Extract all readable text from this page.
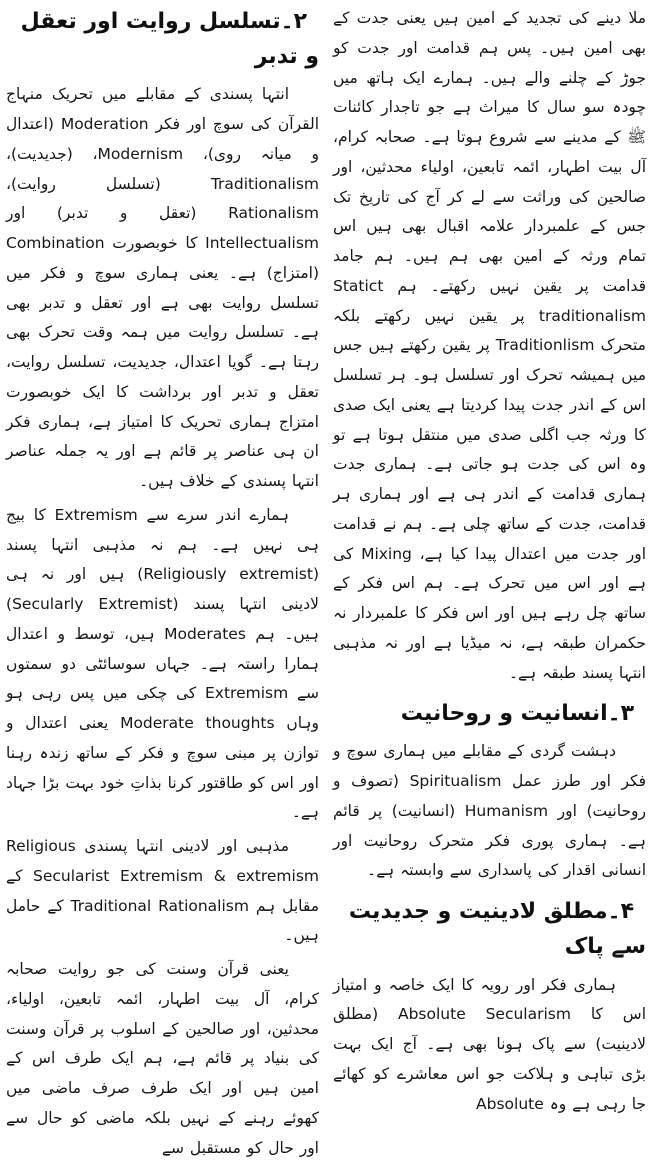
ملا دینے کی تجدید کے امین ہیں یعنی جدت کے بھی امین ہیں۔ پس ہم قدامت اور جدت کو جوڑ کے چلنے والے ہیں۔ ہمارے ایک ہاتھ میں چودہ سو سال کا میراث ہے جو تاجدار کائنات ﷺ کے مدینے سے شروع ہوتا ہے۔ صحابہ کرام، آل بیت اطہار، ائمہ تابعین، اولیاء محدثین، اور صالحین کی وراثت سے لے کر آج کی تاریخ تک جس کے علمبردار علامہ اقبال بھی ہیں اس تمام ورثہ کے امین بھی ہم ہیں۔ ہم جامد قدامت پر یقین نہیں رکھتے۔ ہم Statict traditionalism پر یقین نہیں رکھتے بلکہ متحرک Traditionlism پر یقین رکھتے ہیں جس میں ہمیشہ تحرک اور تسلسل ہو۔ ہر تسلسل اس کے اندر جدت پیدا کردیتا ہے یعنی ایک صدی کا ورثہ جب اگلی صدی میں منتقل ہوتا ہے تو وہ اس کی جدت ہو جاتی ہے۔ ہماری جدت ہماری قدامت کے اندر ہی ہے اور ہماری ہر قدامت، جدت کے ساتھ چلی ہے۔ ہم نے قدامت اور جدت میں اعتدال پیدا کیا ہے، Mixing کی ہے اور اس میں تحرک ہے۔ ہم اس فکر کے ساتھ چل رہے ہیں اور اس فکر کا علمبردار نہ حکمران طبقہ ہے، نہ میڈیا ہے اور نہ مذہبی انتہا پسند طبقہ ہے۔

۳۔انسانیت و روحانیت

دہشت گردی کے مقابلے میں ہماری سوچ و فکر اور طرز عمل Spiritualism (تصوف و روحانیت) اور Humanism (انسانیت) پر قائم ہے۔ ہماری پوری فکر متحرک روحانیت اور انسانی اقدار کی پاسداری سے وابستہ ہے۔

۴۔مطلق لادینیت و جدیدیت سے پاک

ہماری فکر اور رویہ کا ایک خاصہ و امتیاز اس کا Absolute Secularism (مطلق لادینیت) سے پاک ہونا بھی ہے۔ آج ایک بہت بڑی تباہی و ہلاکت جو اس معاشرے کو کھائے جا رہی ہے وہ Absolute

۲۔تسلسل روایت اور تعقل و تدبر

انتہا پسندی کے مقابلے میں تحریک منہاج القرآن کی سوچ اور فکر Moderation (اعتدال و میانہ روی)، Modernism، (جدیدیت)، Traditionalism (تسلسل روایت)، Rationalism (تعقل و تدبر) اور Intellectualism کا خوبصورت Combination (امتزاج) ہے۔ یعنی ہماری سوچ و فکر میں تسلسل روایت بھی ہے اور تعقل و تدبر بھی ہے۔ تسلسل روایت میں ہمہ وقت تحرک بھی رہتا ہے۔ گویا اعتدال، جدیدیت، تسلسل روایت، تعقل و تدبر اور برداشت کا ایک خوبصورت امتزاج ہماری تحریک کا امتیاز ہے، ہماری فکر ان ہی عناصر پر قائم ہے اور یہ جملہ عناصر انتہا پسندی کے خلاف ہیں۔

ہمارے اندر سرے سے Extremism کا بیج ہی نہیں ہے۔ ہم نہ مذہبی انتہا پسند (Religiously extremist) ہیں اور نہ ہی لادینی انتہا پسند (Secularly Extremist) ہیں۔ ہم Moderates ہیں، توسط و اعتدال ہمارا راستہ ہے۔ جہاں سوسائٹی دو سمتوں سے Extremism کی چکی میں پس رہی ہو وہاں Moderate thoughts یعنی اعتدال و توازن پر مبنی سوچ و فکر کے ساتھ زندہ رہنا اور اس کو طاقتور کرنا بذاتِ خود بہت بڑا جہاد ہے۔

مذہبی اور لادینی انتہا پسندی Religious Secularist Extremism & extremism کے مقابل ہم Traditional Rationalism کے حامل ہیں۔

یعنی قرآن وسنت کی جو روایت صحابہ کرام، آل بیت اطہار، ائمہ تابعین، اولیاء، محدثین، اور صالحین کے اسلوب پر قرآن وسنت کی بنیاد پر قائم ہے، ہم ایک طرف اس کے امین ہیں اور ایک طرف صرف ماضی میں کھوئے رہنے کے نہیں بلکہ ماضی کو حال سے اور حال کو مستقبل سے
